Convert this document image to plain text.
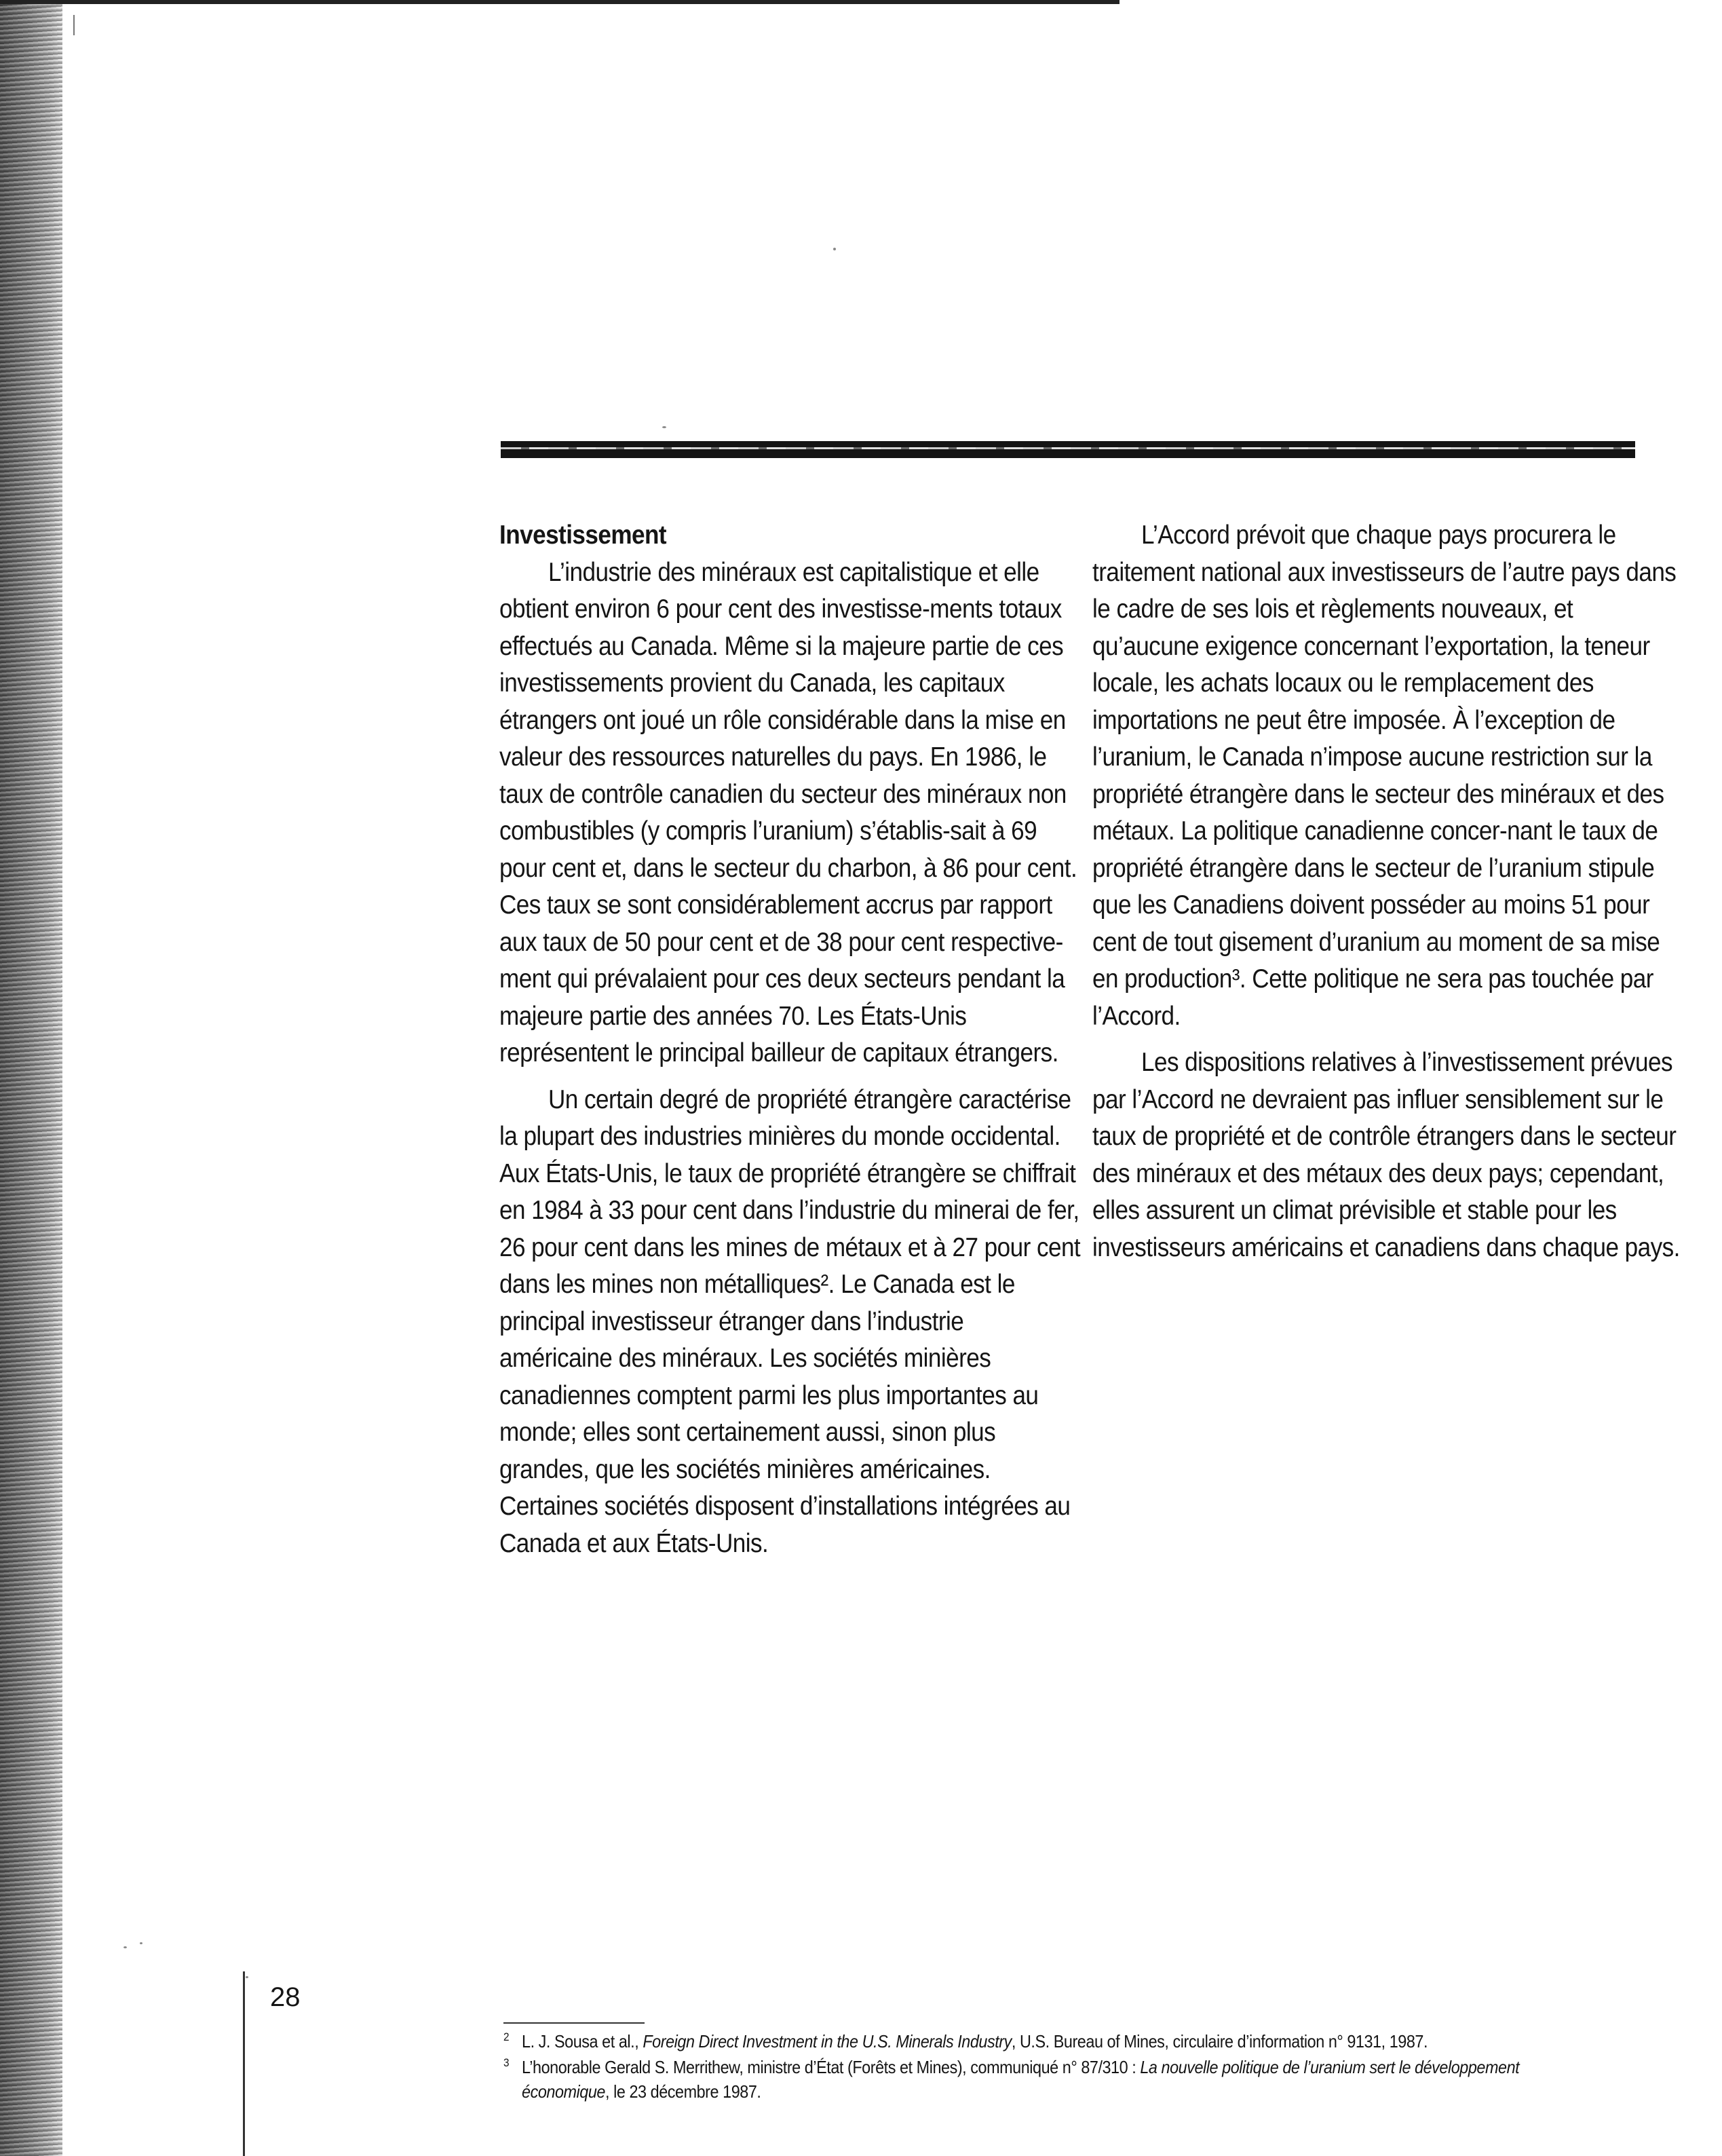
Investissement

L’industrie des minéraux est capitalistique et elle obtient environ 6 pour cent des investisse-ments totaux effectués au Canada. Même si la majeure partie de ces investissements provient du Canada, les capitaux étrangers ont joué un rôle considérable dans la mise en valeur des ressources naturelles du pays. En 1986, le taux de contrôle canadien du secteur des minéraux non combustibles (y compris l’uranium) s’établis-sait à 69 pour cent et, dans le secteur du charbon, à 86 pour cent. Ces taux se sont considérablement accrus par rapport aux taux de 50 pour cent et de 38 pour cent respective-ment qui prévalaient pour ces deux secteurs pendant la majeure partie des années 70. Les États-Unis représentent le principal bailleur de capitaux étrangers.

Un certain degré de propriété étrangère caractérise la plupart des industries minières du monde occidental. Aux États-Unis, le taux de propriété étrangère se chiffrait en 1984 à 33 pour cent dans l’industrie du minerai de fer, 26 pour cent dans les mines de métaux et à 27 pour cent dans les mines non métalliques². Le Canada est le principal investisseur étranger dans l’industrie américaine des minéraux. Les sociétés minières canadiennes comptent parmi les plus importantes au monde; elles sont certainement aussi, sinon plus grandes, que les sociétés minières américaines. Certaines sociétés disposent d’installations intégrées au Canada et aux États-Unis.

L’Accord prévoit que chaque pays procurera le traitement national aux investisseurs de l’autre pays dans le cadre de ses lois et règlements nouveaux, et qu’aucune exigence concernant l’exportation, la teneur locale, les achats locaux ou le remplacement des importations ne peut être imposée. À l’exception de l’uranium, le Canada n’impose aucune restriction sur la propriété étrangère dans le secteur des minéraux et des métaux. La politique canadienne concer-nant le taux de propriété étrangère dans le secteur de l’uranium stipule que les Canadiens doivent posséder au moins 51 pour cent de tout gisement d’uranium au moment de sa mise en production³. Cette politique ne sera pas touchée par l’Accord.

Les dispositions relatives à l’investissement prévues par l’Accord ne devraient pas influer sensiblement sur le taux de propriété et de contrôle étrangers dans le secteur des minéraux et des métaux des deux pays; cependant, elles assurent un climat prévisible et stable pour les investisseurs américains et canadiens dans chaque pays.

28

2 L. J. Sousa et al., Foreign Direct Investment in the U.S. Minerals Industry, U.S. Bureau of Mines, circulaire d’information n° 9131, 1987.

3 L’honorable Gerald S. Merrithew, ministre d’État (Forêts et Mines), communiqué n° 87/310 : La nouvelle politique de l’uranium sert le développement économique, le 23 décembre 1987.
